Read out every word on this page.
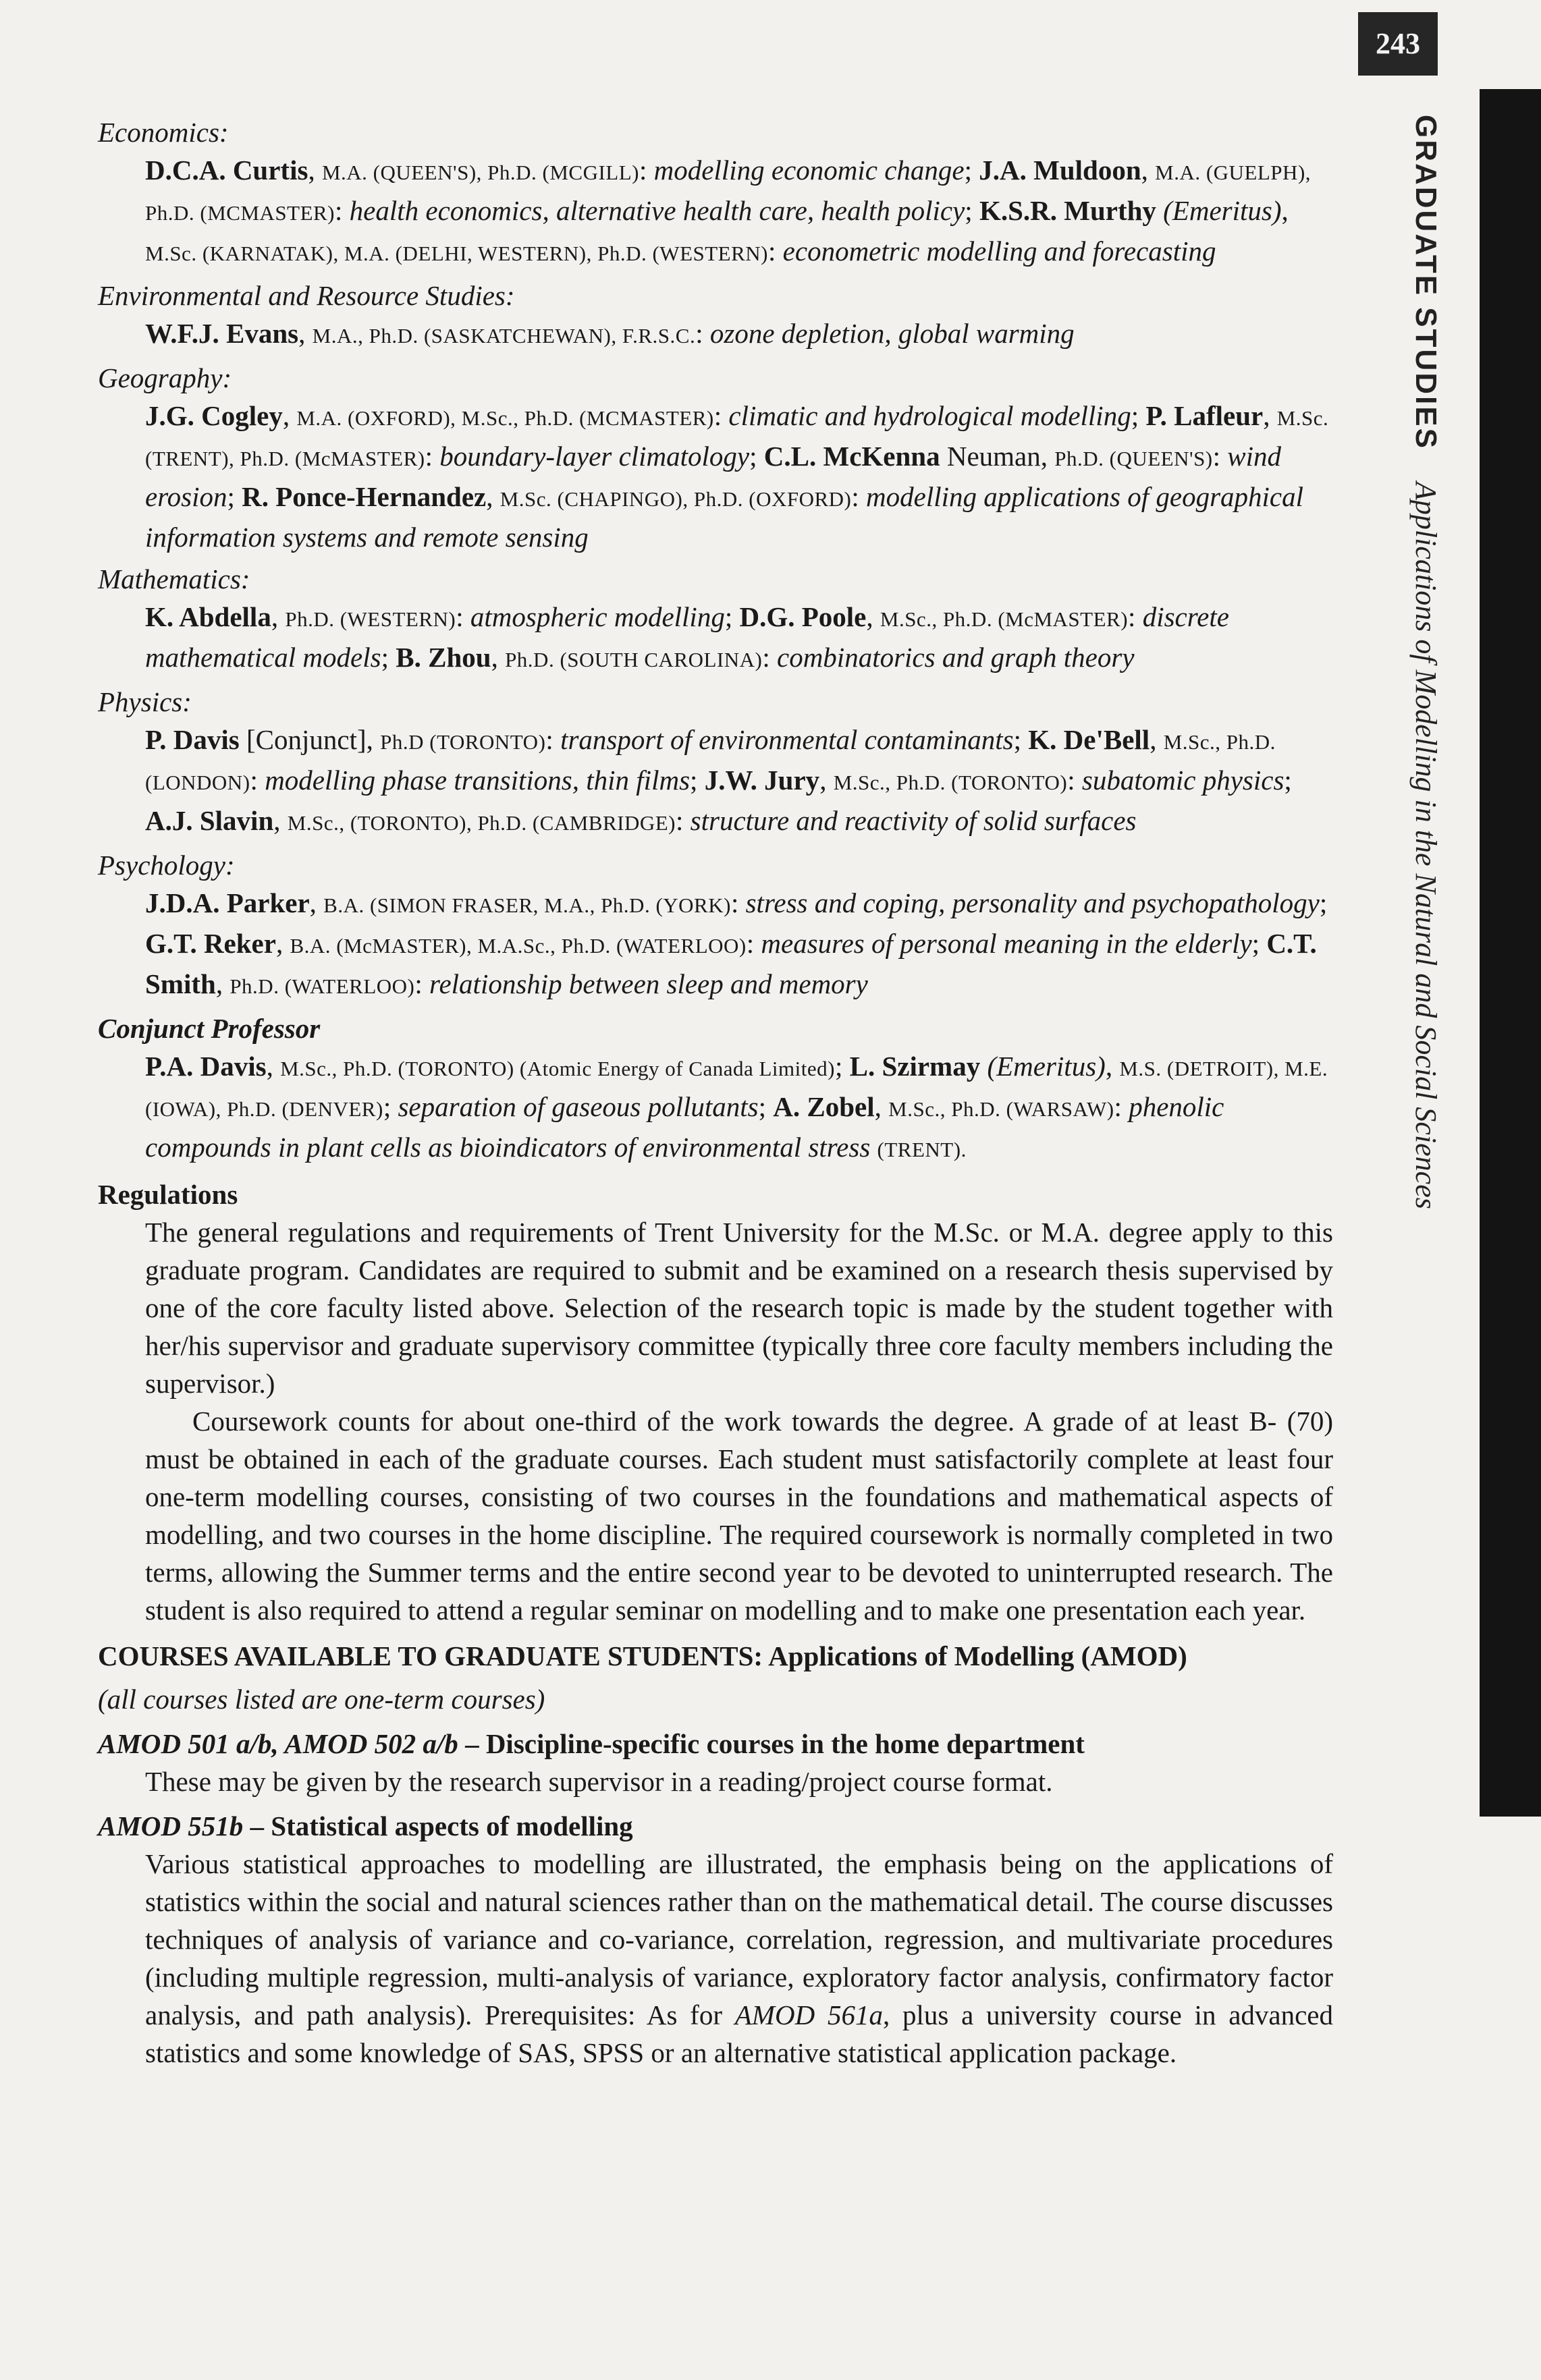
243
GRADUATE STUDIES Applications of Modelling in the Natural and Social Sciences

Economics:

D.C.A. Curtis, M.A. (QUEEN'S), Ph.D. (MCGILL): modelling economic change; J.A. Muldoon, M.A. (GUELPH), Ph.D. (MCMASTER): health economics, alternative health care, health policy; K.S.R. Murthy (Emeritus), M.Sc. (KARNATAK), M.A. (DELHI, WESTERN), Ph.D. (WESTERN): econometric modelling and forecasting

Environmental and Resource Studies:

W.F.J. Evans, M.A., Ph.D. (SASKATCHEWAN), F.R.S.C.: ozone depletion, global warming

Geography:

J.G. Cogley, M.A. (OXFORD), M.Sc., Ph.D. (MCMASTER): climatic and hydrological modelling; P. Lafleur, M.Sc. (TRENT), Ph.D. (McMASTER): boundary-layer climatology; C.L. McKenna Neuman, Ph.D. (QUEEN'S): wind erosion; R. Ponce-Hernandez, M.Sc. (CHAPINGO), Ph.D. (OXFORD): modelling applications of geographical information systems and remote sensing

Mathematics:

K. Abdella, Ph.D. (WESTERN): atmospheric modelling; D.G. Poole, M.Sc., Ph.D. (McMASTER): discrete mathematical models; B. Zhou, Ph.D. (SOUTH CAROLINA): combinatorics and graph theory

Physics:

P. Davis [Conjunct], Ph.D (TORONTO): transport of environmental contaminants; K. De'Bell, M.Sc., Ph.D. (LONDON): modelling phase transitions, thin films; J.W. Jury, M.Sc., Ph.D. (TORONTO): subatomic physics; A.J. Slavin, M.Sc., (TORONTO), Ph.D. (CAMBRIDGE): structure and reactivity of solid surfaces

Psychology:

J.D.A. Parker, B.A. (SIMON FRASER, M.A., Ph.D. (YORK): stress and coping, personality and psychopathology; G.T. Reker, B.A. (McMASTER), M.A.Sc., Ph.D. (WATERLOO): measures of personal meaning in the elderly; C.T. Smith, Ph.D. (WATERLOO): relationship between sleep and memory

Conjunct Professor

P.A. Davis, M.Sc., Ph.D. (TORONTO) (Atomic Energy of Canada Limited); L. Szirmay (Emeritus), M.S. (DETROIT), M.E. (IOWA), Ph.D. (DENVER); separation of gaseous pollutants; A. Zobel, M.Sc., Ph.D. (WARSAW): phenolic compounds in plant cells as bioindicators of environmental stress (TRENT).

Regulations

The general regulations and requirements of Trent University for the M.Sc. or M.A. degree apply to this graduate program. Candidates are required to submit and be examined on a research thesis supervised by one of the core faculty listed above. Selection of the research topic is made by the student together with her/his supervisor and graduate supervisory committee (typically three core faculty members including the supervisor.)

Coursework counts for about one-third of the work towards the degree. A grade of at least B- (70) must be obtained in each of the graduate courses. Each student must satisfactorily complete at least four one-term modelling courses, consisting of two courses in the foundations and mathematical aspects of modelling, and two courses in the home discipline. The required coursework is normally completed in two terms, allowing the Summer terms and the entire second year to be devoted to uninterrupted research. The student is also required to attend a regular seminar on modelling and to make one presentation each year.

COURSES AVAILABLE TO GRADUATE STUDENTS: Applications of Modelling (AMOD)
(all courses listed are one-term courses)
AMOD 501 a/b, AMOD 502 a/b – Discipline-specific courses in the home department

These may be given by the research supervisor in a reading/project course format.

AMOD 551b – Statistical aspects of modelling

Various statistical approaches to modelling are illustrated, the emphasis being on the applications of statistics within the social and natural sciences rather than on the mathematical detail. The course discusses techniques of analysis of variance and co-variance, correlation, regression, and multivariate procedures (including multiple regression, multi-analysis of variance, exploratory factor analysis, confirmatory factor analysis, and path analysis). Prerequisites: As for AMOD 561a, plus a university course in advanced statistics and some knowledge of SAS, SPSS or an alternative statistical application package.
